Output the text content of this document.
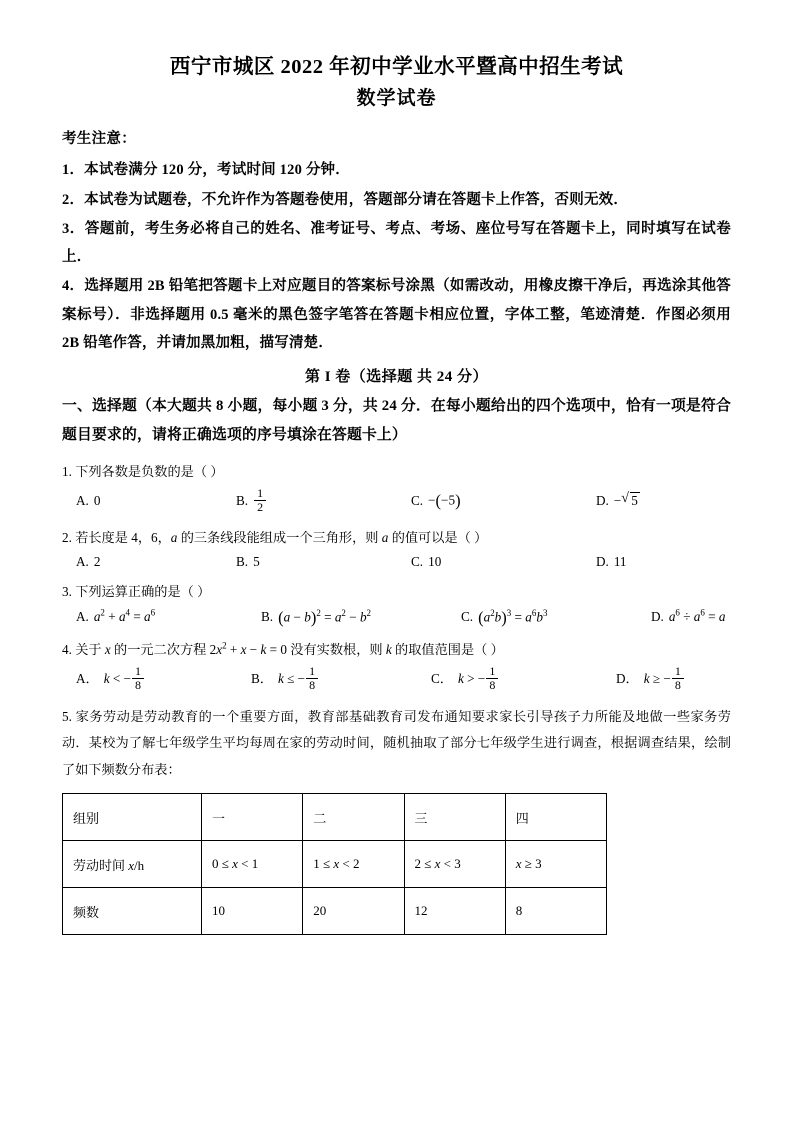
西宁市城区 2022 年初中学业水平暨高中招生考试
数学试卷
考生注意：
1．本试卷满分 120 分，考试时间 120 分钟．
2．本试卷为试题卷，不允许作为答题卷使用，答题部分请在答题卡上作答，否则无效．
3．答题前，考生务必将自己的姓名、准考证号、考点、考场、座位号写在答题卡上，同时填写在试卷上．
4．选择题用 2B 铅笔把答题卡上对应题目的答案标号涂黑（如需改动，用橡皮擦干净后，再选涂其他答案标号）．非选择题用 0.5 毫米的黑色签字笔答在答题卡相应位置，字体工整，笔迹清楚．作图必须用 2B 铅笔作答，并请加黑加粗，描写清楚．
第 I 卷（选择题 共 24 分）
一、选择题（本大题共 8 小题，每小题 3 分，共 24 分．在每小题给出的四个选项中，恰有一项是符合题目要求的，请将正确选项的序号填涂在答题卡上）
1. 下列各数是负数的是（ ）
A. 0	B. $\frac{1}{2}$	C. −(−5)	D. − √ 5
2. 若长度是 4，6，a 的三条线段能组成一个三角形，则 a 的值可以是（ ）
A. 2	B. 5	C. 10	D. 11
3. 下列运算正确的是（ ）
A. $a^2 + a^4 = a^6$	B. $(a - b)^2 = a^2 - b^2$	C. $(a^2b)^3 = a^6b^3$	D. $a^6 \div a^6 = a$
4. 关于 x 的一元二次方程 $2x^2 + x - k = 0$ 没有实数根，则 k 的取值范围是（ ）
A． k < − $\frac{1}{8}$	B． k ≤ − $\frac{1}{8}$	C． k > − $\frac{1}{8}$	D． k ≥ − $\frac{1}{8}$
5. 家务劳动是劳动教育的一个重要方面，教育部基础教育司发布通知要求家长引导孩子力所能及地做一些家务劳动．某校为了解七年级学生平均每周在家的劳动时间，随机抽取了部分七年级学生进行调查，根据调查结果，绘制了如下频数分布表：
组别	一	二	三	四
劳动时间 x/h	0 ≤ x < 1	1 ≤ x < 2	2 ≤ x < 3	x ≥ 3
频数	10	20	12	8
